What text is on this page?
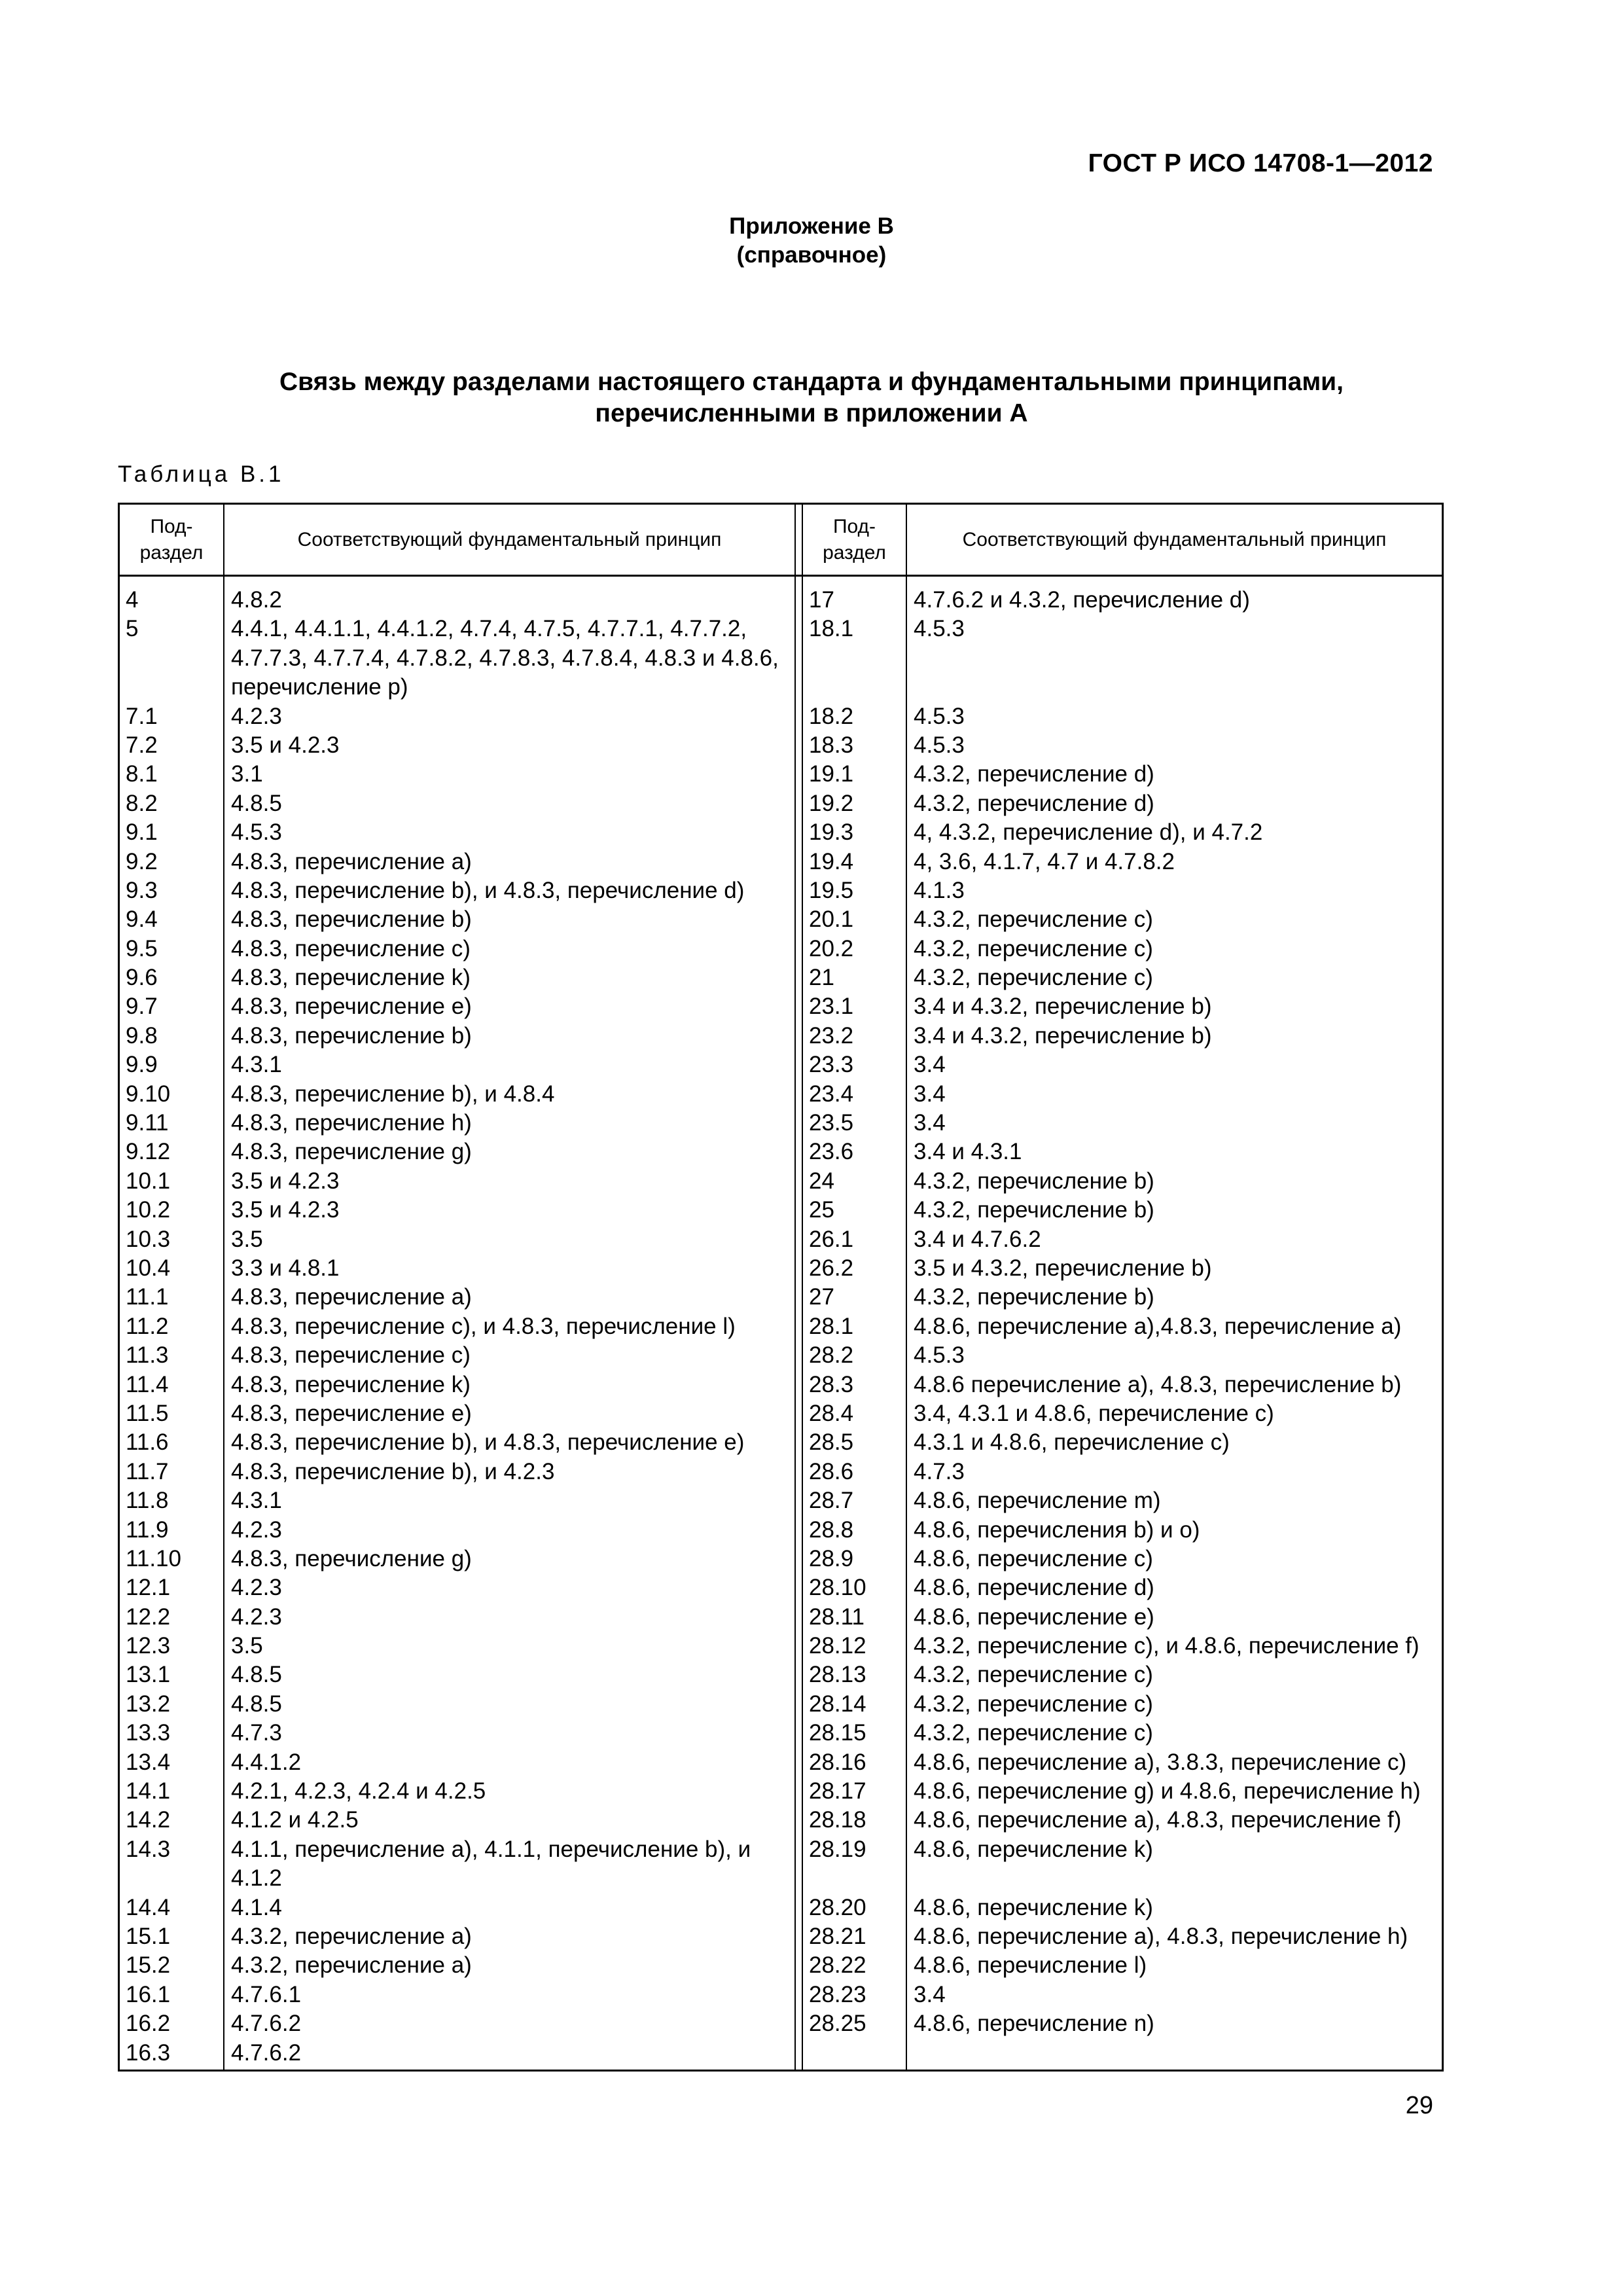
ГОСТ Р ИСО 14708-1—2012
Приложение В
(справочное)
Связь между разделами настоящего стандарта и фундаментальными принципами,
перечисленными в приложении А
Таблица В.1
Под-
раздел
Соответствующий фундаментальный принцип
Под-
раздел
Соответствующий фундаментальный принцип
4
5
7.1
7.2
8.1
8.2
9.1
9.2
9.3
9.4
9.5
9.6
9.7
9.8
9.9
9.10
9.11
9.12
10.1
10.2
10.3
10.4
11.1
11.2
11.3
11.4
11.5
11.6
11.7
11.8
11.9
11.10
12.1
12.2
12.3
13.1
13.2
13.3
13.4
14.1
14.2
14.3
14.4
15.1
15.2
16.1
16.2
16.3
4.8.2
4.4.1, 4.4.1.1, 4.4.1.2, 4.7.4, 4.7.5, 4.7.7.1, 4.7.7.2, 4.7.7.3, 4.7.7.4, 4.7.8.2, 4.7.8.3, 4.7.8.4, 4.8.3 и 4.8.6, перечисление p)
4.2.3
3.5 и 4.2.3
3.1
4.8.5
4.5.3
4.8.3, перечисление a)
4.8.3, перечисление b), и 4.8.3, перечисление d)
4.8.3, перечисление b)
4.8.3, перечисление c)
4.8.3, перечисление k)
4.8.3, перечисление e)
4.8.3, перечисление b)
4.3.1
4.8.3, перечисление b), и 4.8.4
4.8.3, перечисление h)
4.8.3, перечисление g)
3.5 и 4.2.3
3.5 и 4.2.3
3.5
3.3 и 4.8.1
4.8.3, перечисление a)
4.8.3, перечисление c), и 4.8.3, перечисление l)
4.8.3, перечисление c)
4.8.3, перечисление k)
4.8.3, перечисление e)
4.8.3, перечисление b), и 4.8.3, перечисление e)
4.8.3, перечисление b), и 4.2.3
4.3.1
4.2.3
4.8.3, перечисление g)
4.2.3
4.2.3
3.5
4.8.5
4.8.5
4.7.3
4.4.1.2
4.2.1, 4.2.3, 4.2.4 и 4.2.5
4.1.2 и 4.2.5
4.1.1, перечисление a), 4.1.1, перечисление b), и 4.1.2
4.1.4
4.3.2, перечисление a)
4.3.2, перечисление a)
4.7.6.1
4.7.6.2
4.7.6.2
17
18.1
18.2
18.3
19.1
19.2
19.3
19.4
19.5
20.1
20.2
21
23.1
23.2
23.3
23.4
23.5
23.6
24
25
26.1
26.2
27
28.1
28.2
28.3
28.4
28.5
28.6
28.7
28.8
28.9
28.10
28.11
28.12
28.13
28.14
28.15
28.16
28.17
28.18
28.19
28.20
28.21
28.22
28.23
28.25
4.7.6.2 и 4.3.2, перечисление d)
4.5.3
4.5.3
4.5.3
4.3.2, перечисление d)
4.3.2, перечисление d)
4, 4.3.2, перечисление d), и 4.7.2
4, 3.6, 4.1.7, 4.7 и 4.7.8.2
4.1.3
4.3.2, перечисление c)
4.3.2, перечисление c)
4.3.2, перечисление c)
3.4 и 4.3.2, перечисление b)
3.4 и 4.3.2, перечисление b)
3.4
3.4
3.4
3.4 и 4.3.1
4.3.2, перечисление b)
4.3.2, перечисление b)
3.4 и 4.7.6.2
3.5 и 4.3.2, перечисление b)
4.3.2, перечисление b)
4.8.6, перечисление a),4.8.3, перечисление a)
4.5.3
4.8.6 перечисление a), 4.8.3, перечисление b)
3.4, 4.3.1 и 4.8.6, перечисление c)
4.3.1 и 4.8.6, перечисление c)
4.7.3
4.8.6, перечисление m)
4.8.6, перечисления b) и o)
4.8.6, перечисление c)
4.8.6, перечисление d)
4.8.6, перечисление e)
4.3.2, перечисление c), и 4.8.6, перечисление f)
4.3.2, перечисление c)
4.3.2, перечисление c)
4.3.2, перечисление c)
4.8.6, перечисление a), 3.8.3, перечисление c)
4.8.6, перечисление g) и 4.8.6, перечисление h)
4.8.6, перечисление a), 4.8.3, перечисление f)
4.8.6, перечисление k)
4.8.6, перечисление k)
4.8.6, перечисление a), 4.8.3, перечисление h)
4.8.6, перечисление l)
3.4
4.8.6, перечисление n)
29
